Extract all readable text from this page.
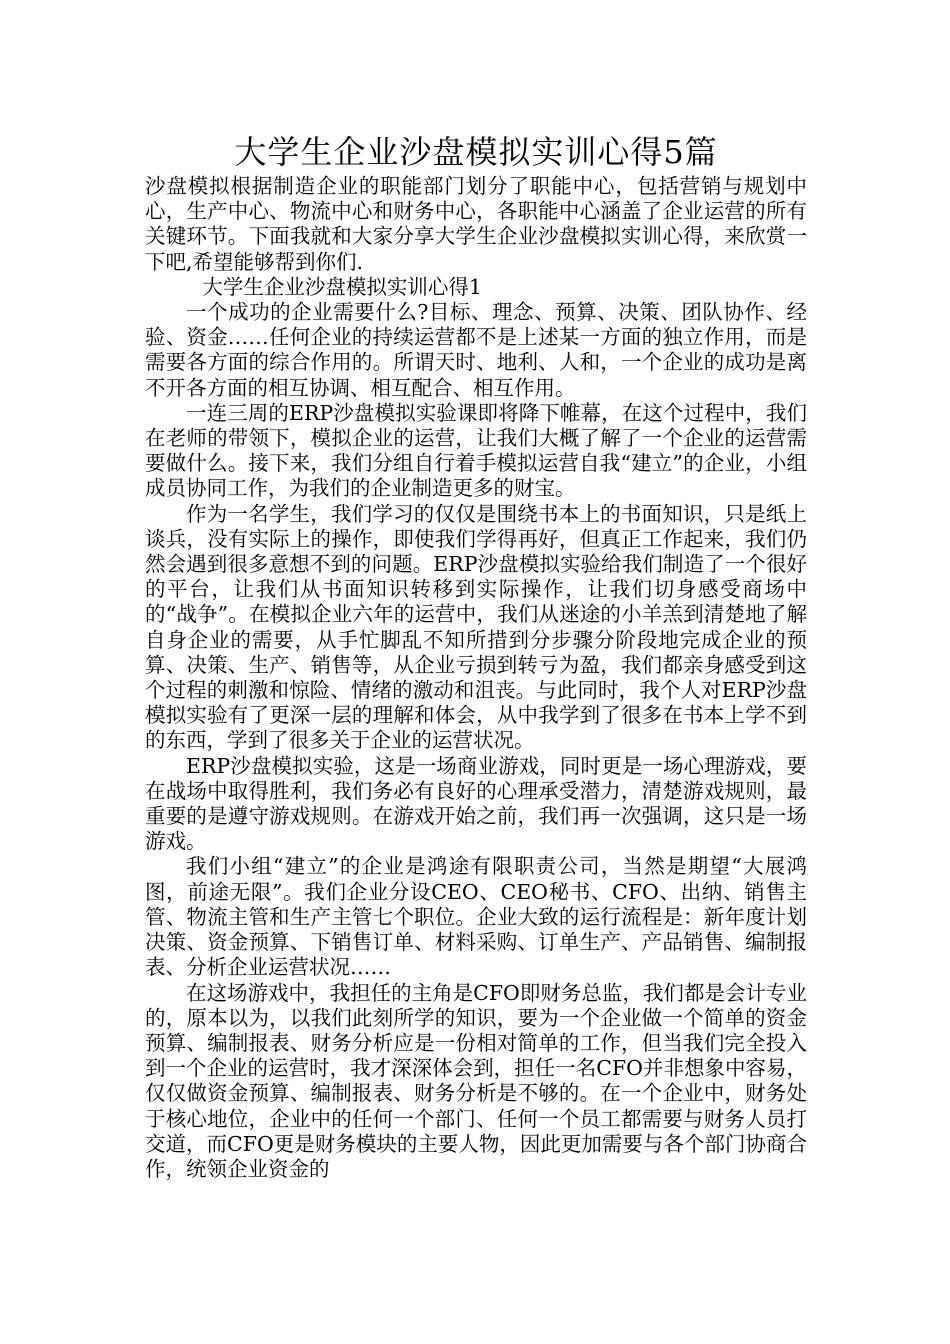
大学生企业沙盘模拟实训心得5篇

沙盘模拟根据制造企业的职能部门划分了职能中心，包括营销与规划中心，生产中心、物流中心和财务中心，各职能中心涵盖了企业运营的所有关键环节。下面我就和大家分享大学生企业沙盘模拟实训心得，来欣赏一下吧,希望能够帮到你们.

大学生企业沙盘模拟实训心得1

一个成功的企业需要什么?目标、理念、预算、决策、团队协作、经验、资金……任何企业的持续运营都不是上述某一方面的独立作用，而是需要各方面的综合作用的。所谓天时、地利、人和，一个企业的成功是离不开各方面的相互协调、相互配合、相互作用。

一连三周的ERP沙盘模拟实验课即将降下帷幕，在这个过程中，我们在老师的带领下，模拟企业的运营，让我们大概了解了一个企业的运营需要做什么。接下来，我们分组自行着手模拟运营自我“建立”的企业，小组成员协同工作，为我们的企业制造更多的财宝。

作为一名学生，我们学习的仅仅是围绕书本上的书面知识，只是纸上谈兵，没有实际上的操作，即使我们学得再好，但真正工作起来，我们仍然会遇到很多意想不到的问题。ERP沙盘模拟实验给我们制造了一个很好的平台，让我们从书面知识转移到实际操作，让我们切身感受商场中的“战争”。在模拟企业六年的运营中，我们从迷途的小羊羔到清楚地了解自身企业的需要，从手忙脚乱不知所措到分步骤分阶段地完成企业的预算、决策、生产、销售等，从企业亏损到转亏为盈，我们都亲身感受到这个过程的刺激和惊险、情绪的激动和沮丧。与此同时，我个人对ERP沙盘模拟实验有了更深一层的理解和体会，从中我学到了很多在书本上学不到的东西，学到了很多关于企业的运营状况。

ERP沙盘模拟实验，这是一场商业游戏，同时更是一场心理游戏，要在战场中取得胜利，我们务必有良好的心理承受潜力，清楚游戏规则，最重要的是遵守游戏规则。在游戏开始之前，我们再一次强调，这只是一场游戏。

我们小组“建立”的企业是鸿途有限职责公司，当然是期望“大展鸿图，前途无限”。我们企业分设CEO、CEO秘书、CFO、出纳、销售主管、物流主管和生产主管七个职位。企业大致的运行流程是：新年度计划决策、资金预算、下销售订单、材料采购、订单生产、产品销售、编制报表、分析企业运营状况……

在这场游戏中，我担任的主角是CFO即财务总监，我们都是会计专业的，原本以为，以我们此刻所学的知识，要为一个企业做一个简单的资金预算、编制报表、财务分析应是一份相对简单的工作，但当我们完全投入到一个企业的运营时，我才深深体会到，担任一名CFO并非想象中容易，仅仅做资金预算、编制报表、财务分析是不够的。在一个企业中，财务处于核心地位，企业中的任何一个部门、任何一个员工都需要与财务人员打交道，而CFO更是财务模块的主要人物，因此更加需要与各个部门协商合作，统领企业资金的
